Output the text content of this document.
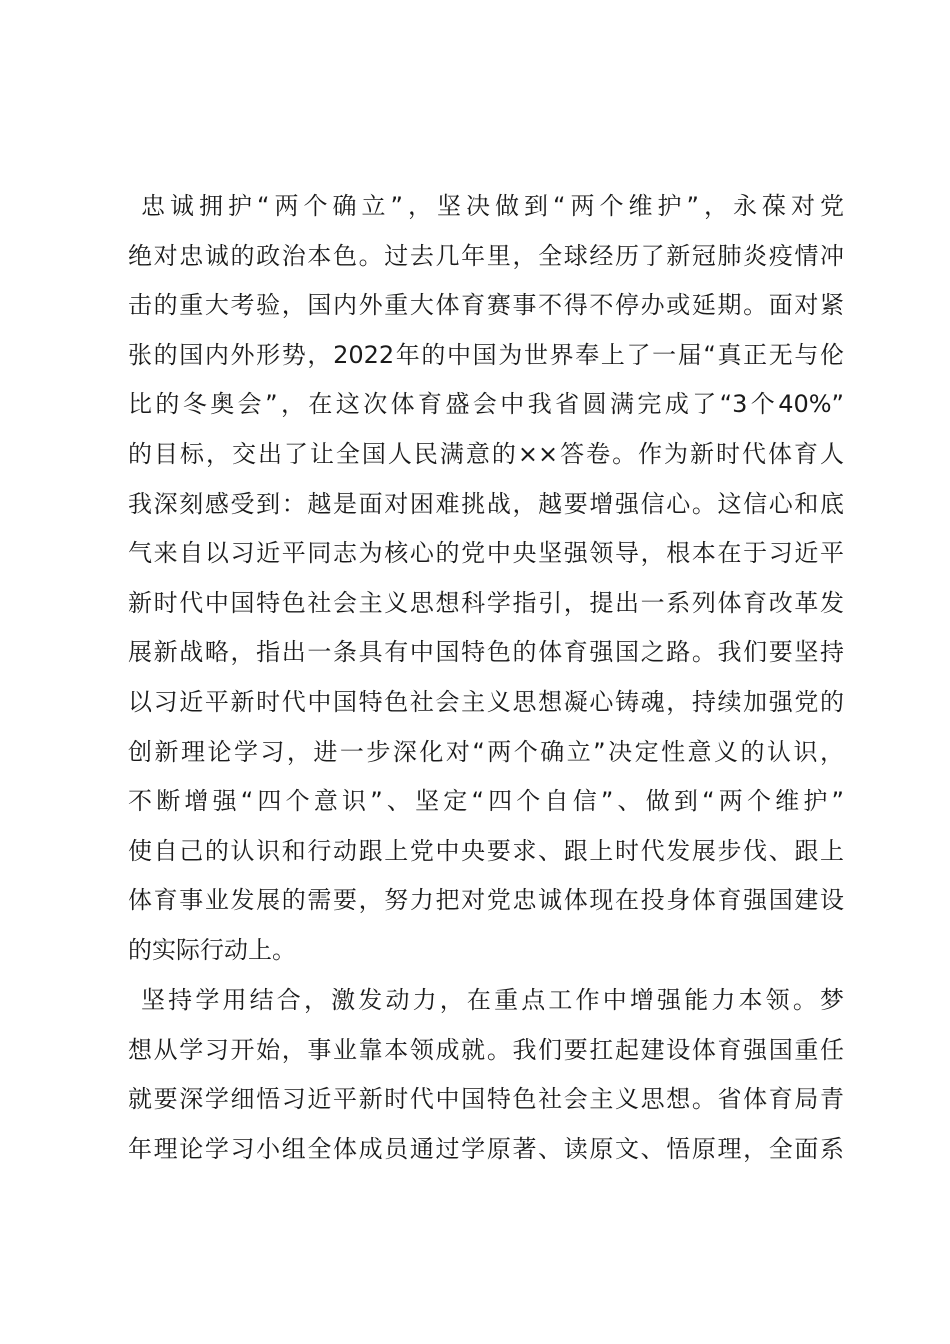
忠诚拥护“两个确立”，坚决做到“两个维护”，永葆对党
绝对忠诚的政治本色。过去几年里，全球经历了新冠肺炎疫情冲
击的重大考验，国内外重大体育赛事不得不停办或延期。面对紧
张的国内外形势，2022年的中国为世界奉上了一届“真正无与伦
比的冬奥会”，在这次体育盛会中我省圆满完成了“3个40%”
的目标，交出了让全国人民满意的××答卷。作为新时代体育人
我深刻感受到：越是面对困难挑战，越要增强信心。这信心和底
气来自以习近平同志为核心的党中央坚强领导，根本在于习近平
新时代中国特色社会主义思想科学指引，提出一系列体育改革发
展新战略，指出一条具有中国特色的体育强国之路。我们要坚持
以习近平新时代中国特色社会主义思想凝心铸魂，持续加强党的
创新理论学习，进一步深化对“两个确立”决定性意义的认识，
不断增强“四个意识”、坚定“四个自信”、做到“两个维护”
使自己的认识和行动跟上党中央要求、跟上时代发展步伐、跟上
体育事业发展的需要，努力把对党忠诚体现在投身体育强国建设
的实际行动上。
坚持学用结合，激发动力，在重点工作中增强能力本领。梦
想从学习开始，事业靠本领成就。我们要扛起建设体育强国重任
就要深学细悟习近平新时代中国特色社会主义思想。省体育局青
年理论学习小组全体成员通过学原著、读原文、悟原理，全面系
